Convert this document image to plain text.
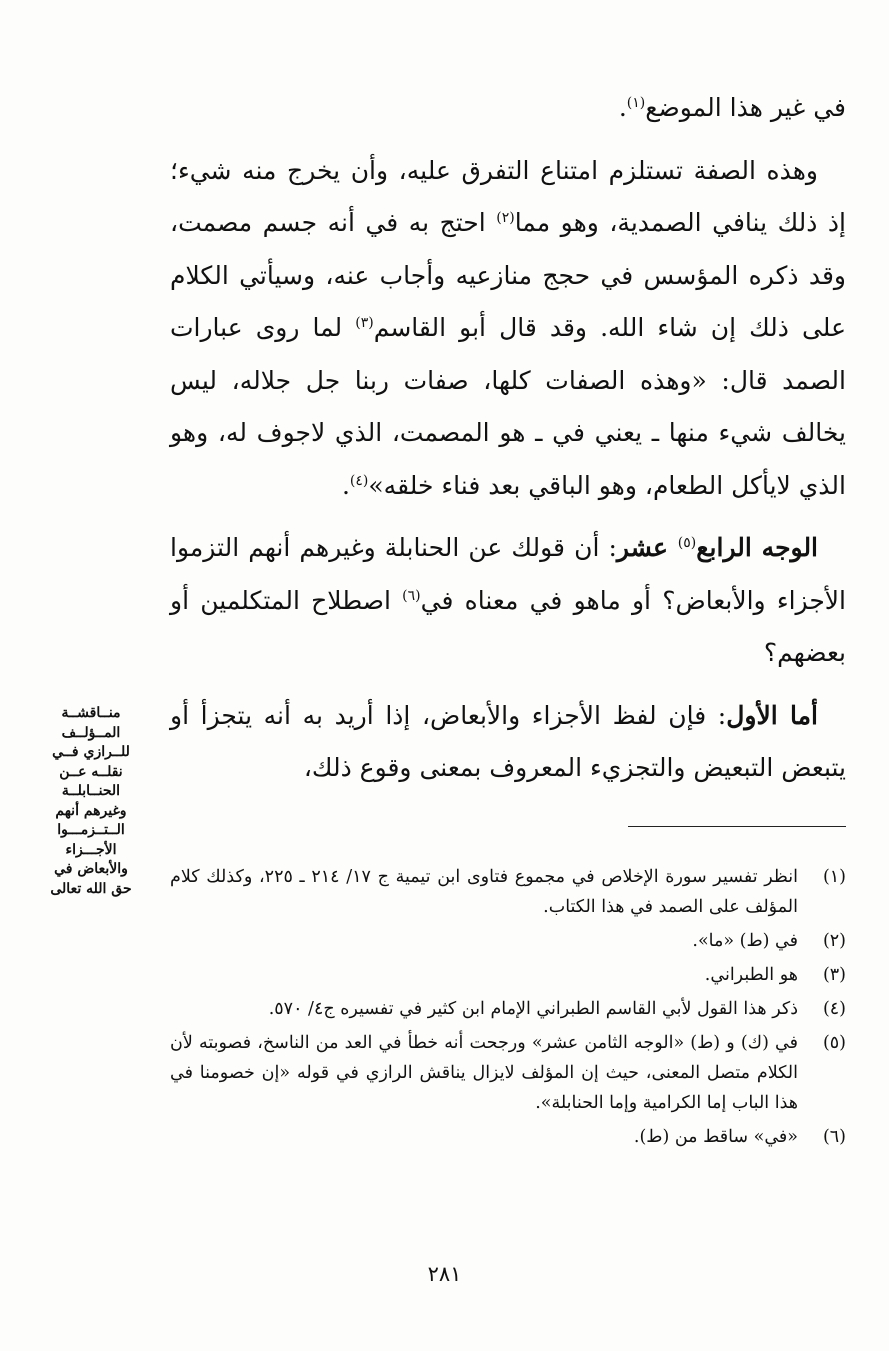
في غير هذا الموضع$^{(١)}$.

وهذه الصفة تستلزم امتناع التفرق عليه، وأن يخرج منه شيء؛ إذ ذلك ينافي الصمدية، وهو مما$^{(٢)}$ احتج به في أنه جسم مصمت، وقد ذكره المؤسس في حجج منازعيه وأجاب عنه، وسيأتي الكلام على ذلك إن شاء الله. وقد قال أبو القاسم$^{(٣)}$ لما روى عبارات الصمد قال: «وهذه الصفات كلها، صفات ربنا جل جلاله، ليس يخالف شيء منها ـ يعني في ـ هو المصمت، الذي لاجوف له، وهو الذي لايأكل الطعام، وهو الباقي بعد فناء خلقه»$^{(٤)}$.

الوجه الرابع$^{(٥)}$ عشر: أن قولك عن الحنابلة وغيرهم أنهم التزموا الأجزاء والأبعاض؟ أو ماهو في معناه في$^{(٦)}$ اصطلاح المتكلمين أو بعضهم؟

أما الأول: فإن لفظ الأجزاء والأبعاض، إذا أريد به أنه يتجزأ أو يتبعض التبعيض والتجزيء المعروف بمعنى وقوع ذلك،

منــاقشــة
المــؤلــف
للــرازي فــي
نقلــه عــن
الحنــابلــة
وغيرهم أنهم
الــتــزمـــوا
الأجـــزاء
والأبعاض في
حق الله تعالى
(١)
انظر تفسير سورة الإخلاص في مجموع فتاوى ابن تيمية ج ١٧/ ٢١٤ ـ ٢٢٥، وكذلك كلام المؤلف على الصمد في هذا الكتاب.
(٢)
في (ط) «ما».
(٣)
هو الطبراني.
(٤)
ذكر هذا القول لأبي القاسم الطبراني الإمام ابن كثير في تفسيره ج٤/ ٥٧٠.
(٥)
في (ك) و (ط) «الوجه الثامن عشر» ورجحت أنه خطأ في العد من الناسخ، فصوبته لأن الكلام متصل المعنى، حيث إن المؤلف لايزال يناقش الرازي في قوله «إن خصومنا في هذا الباب إما الكرامية وإما الحنابلة».
(٦)
«في» ساقط من (ط).
٢٨١
